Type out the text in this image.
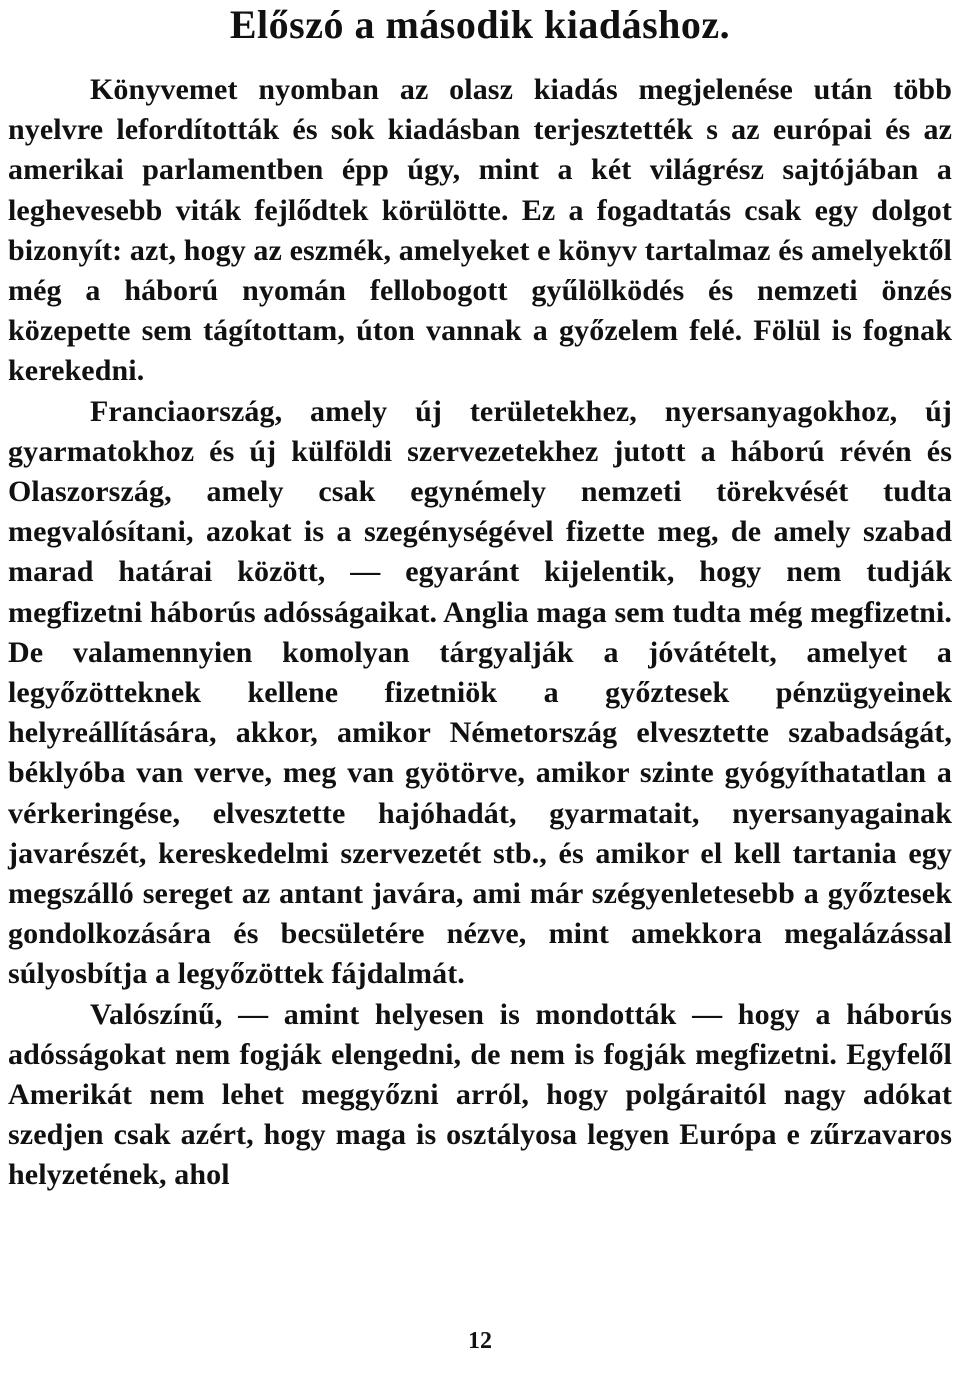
Előszó a második kiadáshoz.

Könyvemet nyomban az olasz kiadás megjelenése után több nyelvre lefordították és sok kiadásban terjesztették s az európai és az amerikai parlamentben épp úgy, mint a két világrész sajtójában a leghevesebb viták fejlődtek körülötte. Ez a fogadtatás csak egy dolgot bizonyít: azt, hogy az eszmék, amelyeket e könyv tartalmaz és amelyektől még a háború nyomán fellobogott gyűlölködés és nemzeti önzés közepette sem tágítottam, úton vannak a győzelem felé. Fölül is fognak kerekedni.

Franciaország, amely új területekhez, nyersanyagokhoz, új gyarmatokhoz és új külföldi szervezetekhez jutott a háború révén és Olaszország, amely csak egynémely nemzeti törekvését tudta megvalósítani, azokat is a szegénységével fizette meg, de amely szabad marad határai között, — egyaránt kijelentik, hogy nem tudják megfizetni háborús adósságaikat. Anglia maga sem tudta még megfizetni. De valamennyien komolyan tárgyalják a jóvátételt, amelyet a legyőzötteknek kellene fizetniök a győztesek pénzügyeinek helyreállítására, akkor, amikor Németország elvesztette szabadságát, béklyóba van verve, meg van gyötörve, amikor szinte gyógyíthatatlan a vérkeringése, elvesztette hajóhadát, gyarmatait, nyersanyagainak javarészét, kereskedelmi szervezetét stb., és amikor el kell tartania egy megszálló sereget az antant javára, ami már szégyenletesebb a győztesek gondolkozására és becsületére nézve, mint amekkora megalázással súlyosbítja a legyőzöttek fájdalmát.

Valószínű, — amint helyesen is mondották — hogy a háborús adósságokat nem fogják elengedni, de nem is fogják megfizetni. Egyfelől Amerikát nem lehet meggyőzni arról, hogy polgáraitól nagy adókat szedjen csak azért, hogy maga is osztályosa legyen Európa e zűrzavaros helyzetének, ahol

12
